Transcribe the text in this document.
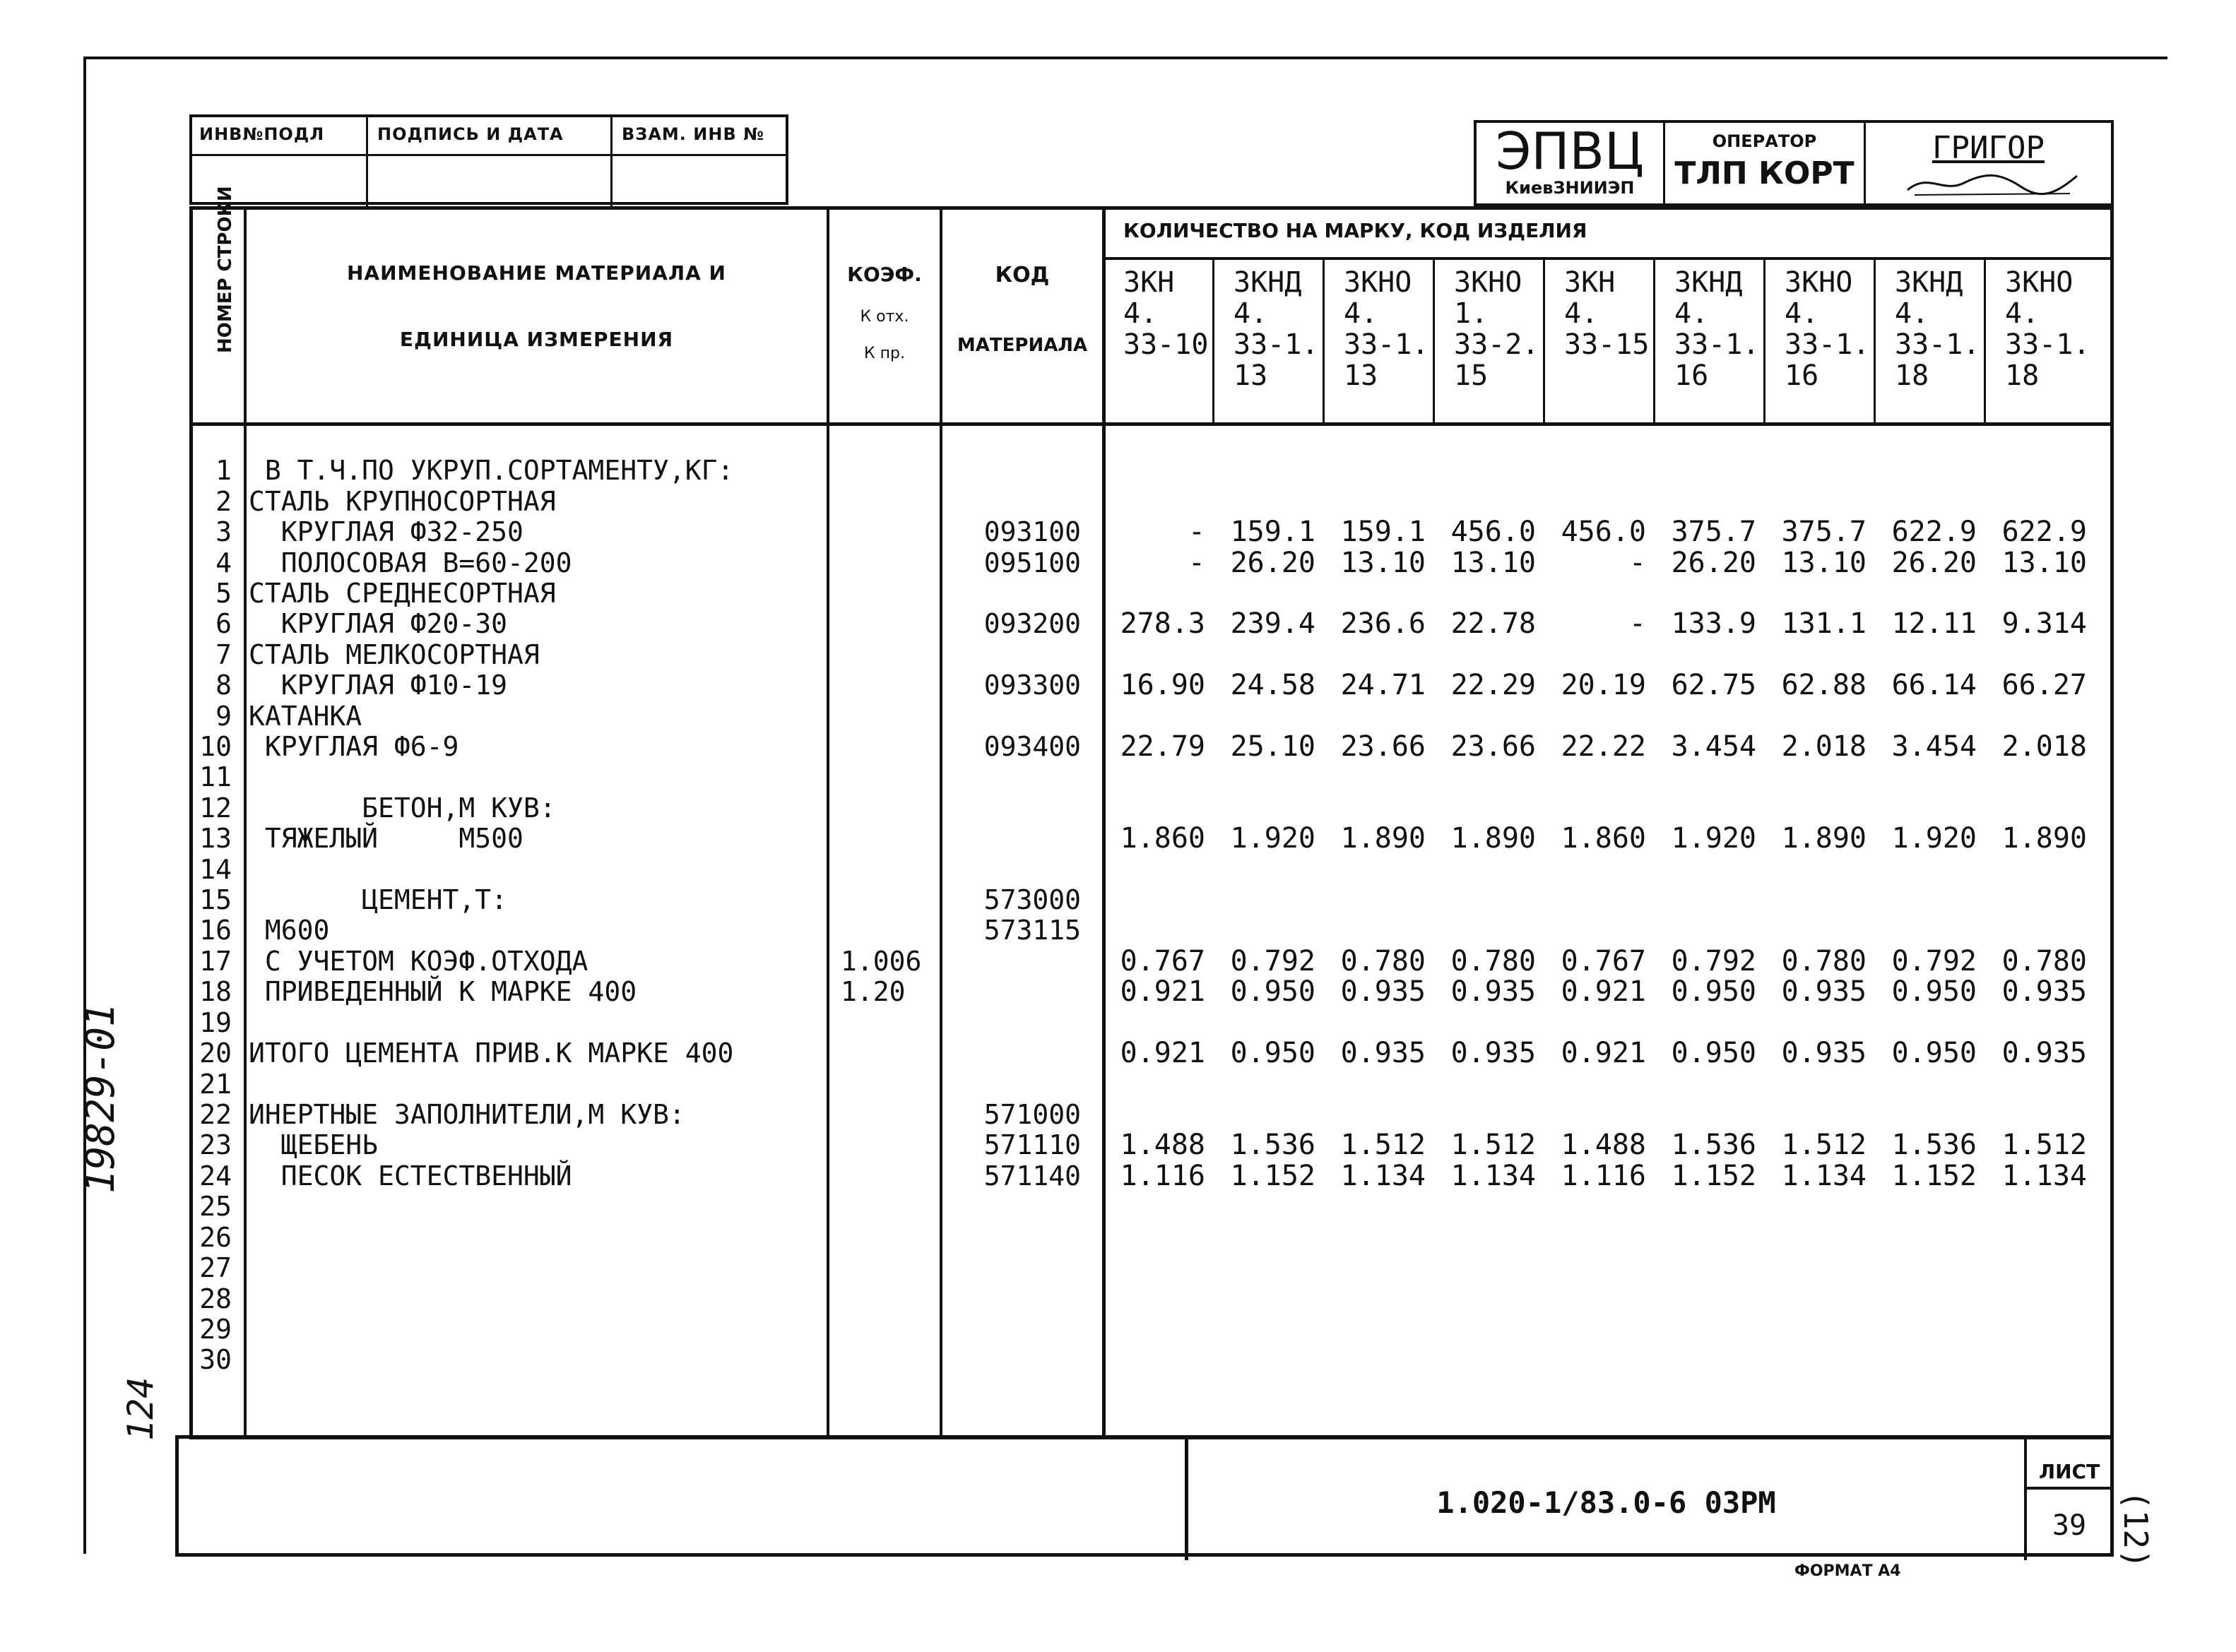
ИНВ№ПОДЛ	ПОДПИСЬ И ДАТА	ВЗАМ. ИНВ №	ЭПВЦ
КиевЗНИИЭП
ОПЕРАТОР
ТЛП КОРТ
ГРИГОР
НОМЕР СТРОКИ	НАИМЕНОВАНИЕ МАТЕРИАЛА И
ЕДИНИЦА ИЗМЕРЕНИЯ
КОЭФ.
К отх.
К пр.
КОД
МАТЕРИАЛА
КОЛИЧЕСТВО НА МАРКУ, КОД ИЗДЕЛИЯ
ЗКН
4.
33-10
ЗКНД
4.
33-1.
13
ЗКНО
4.
33-1.
13
ЗКНО
1.
33-2.
15
ЗКН
4.
33-15
ЗКНД
4.
33-1.
16
ЗКНО
4.
33-1.
16
ЗКНД
4.
33-1.
18
ЗКНО
4.
33-1.
18
1 В Т.Ч.ПО УКРУП.СОРТАМЕНТУ,КГ:
2 СТАЛЬ КРУПНОСОРТНАЯ
3 КРУГЛАЯ Ф32-250	093100	- 159.1 159.1 456.0 456.0 375.7 375.7 622.9 622.9
4 ПОЛОСОВАЯ В=60-200	095100	- 26.20 13.10 13.10	- 26.20 13.10 26.20 13.10
5 СТАЛЬ СРЕДНЕСОРТНАЯ
6 КРУГЛАЯ Ф20-30	093200	278.3 239.4 236.6 22.78	- 133.9 131.1 12.11 9.314
7 СТАЛЬ МЕЛКОСОРТНАЯ
8 КРУГЛАЯ Ф10-19	093300	16.90 24.58 24.71 22.29 20.19 62.75 62.88 66.14 66.27
9 КАТАНКА
10 КРУГЛАЯ Ф6-9	093400	22.79 25.10 23.66 23.66 22.22 3.454 2.018 3.454 2.018
11
12 БЕТОН,М КУВ:
13 ТЯЖЕЛЫЙ     М500	1.860 1.920 1.890 1.890 1.860 1.920 1.890 1.920 1.890
14
15 ЦЕМЕНТ,Т:	573000
16 М600	573115
17 С УЧЕТОМ КОЭФ.ОТХОДА	1.006	0.767 0.792 0.780 0.780 0.767 0.792 0.780 0.792 0.780
18 ПРИВЕДЕННЫЙ К МАРКЕ 400	1.20	0.921 0.950 0.935 0.935 0.921 0.950 0.935 0.950 0.935
19
20 ИТОГО ЦЕМЕНТА ПРИВ.К МАРКЕ 400	0.921 0.950 0.935 0.935 0.921 0.950 0.935 0.950 0.935
21
22 ИНЕРТНЫЕ ЗАПОЛНИТЕЛИ,М КУВ:	571000
23 ЩЕБЕНЬ	571110	1.488 1.536 1.512 1.512 1.488 1.536 1.512 1.536 1.512
24 ПЕСОК ЕСТЕСТВЕННЫЙ	571140	1.116 1.152 1.134 1.134 1.116 1.152 1.134 1.152 1.134
25
26
27
28
29
30
1.020-1/83.0-6 03РМ
ЛИСТ
39
ФОРМАТ А4
19829-01
124
(12)
